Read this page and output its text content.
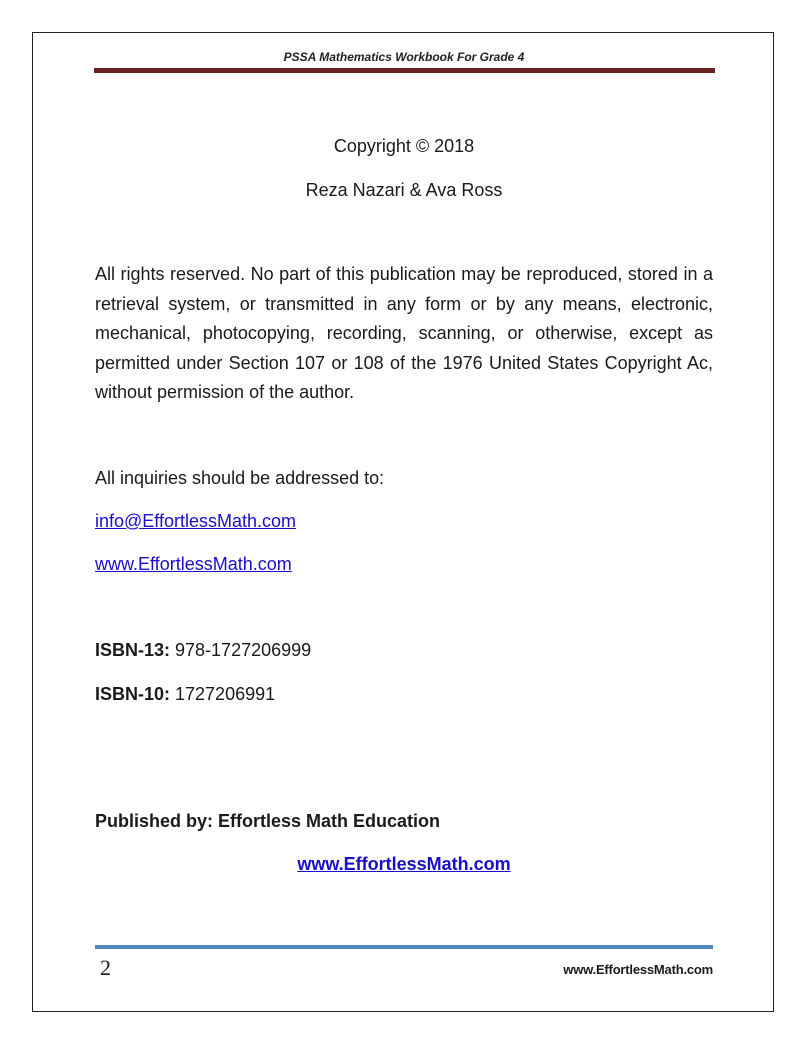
PSSA Mathematics Workbook For Grade 4
Copyright © 2018
Reza Nazari & Ava Ross

All rights reserved. No part of this publication may be reproduced, stored in a retrieval system, or transmitted in any form or by any means, electronic, mechanical, photocopying, recording, scanning, or otherwise, except as permitted under Section 107 or 108 of the 1976 United States Copyright Ac, without permission of the author.

All inquiries should be addressed to:
info@EffortlessMath.com
www.EffortlessMath.com
ISBN-13: 978-1727206999
ISBN-10: 1727206991
Published by: Effortless Math Education
www.EffortlessMath.com
2	www.EffortlessMath.com
